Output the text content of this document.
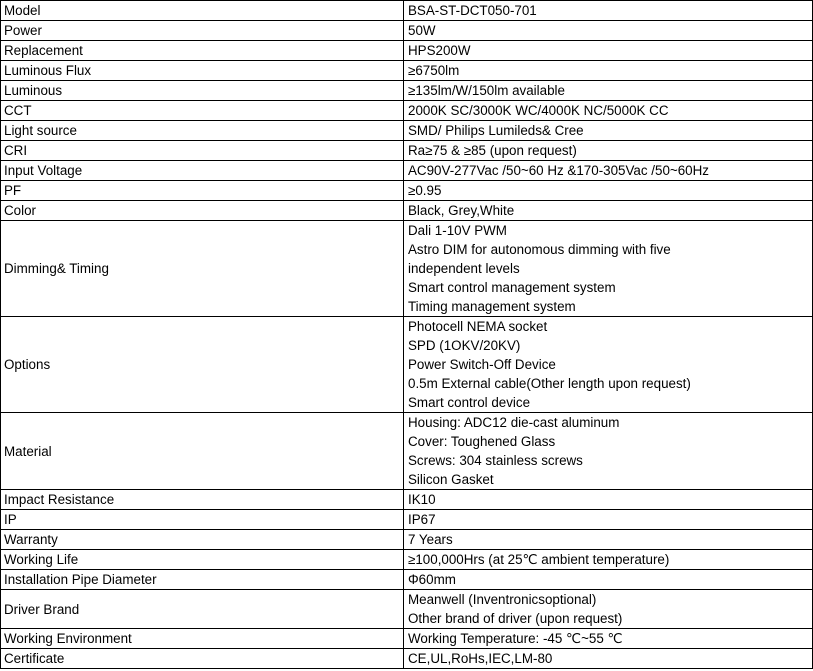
Model	BSA-ST-DCT050-701

Power	50W

Replacement	HPS200W

Luminous Flux	≥6750lm

Luminous	≥135lm/W/150lm available

CCT	2000K SC/3000K WC/4000K NC/5000K CC

Light source	SMD/ Philips Lumileds& Cree

CRI	Ra≥75 & ≥85 (upon request)

Input Voltage	AC90V-277Vac /50~60 Hz &170-305Vac /50~60Hz

PF	≥0.95

Color	Black, Grey,White

Dimming& Timing	Dali 1-10V PWM
Astro DIM for autonomous dimming with five
independent levels
Smart control management system
Timing management system

Options	Photocell NEMA socket
SPD (1OKV/20KV)
Power Switch-Off Device
0.5m External cable(Other length upon request)
Smart control device

Material	Housing: ADC12 die-cast aluminum
Cover: Toughened Glass
Screws: 304 stainless screws
Silicon Gasket

Impact Resistance	IK10

IP	IP67

Warranty	7 Years

Working Life	≥100,000Hrs (at 25℃ ambient temperature)

Installation Pipe Diameter	Φ60mm

Driver Brand	Meanwell (Inventronicsoptional)
Other brand of driver (upon request)

Working Environment	Working Temperature: -45 ℃~55 ℃

Certificate	CE,UL,RoHs,IEC,LM-80
